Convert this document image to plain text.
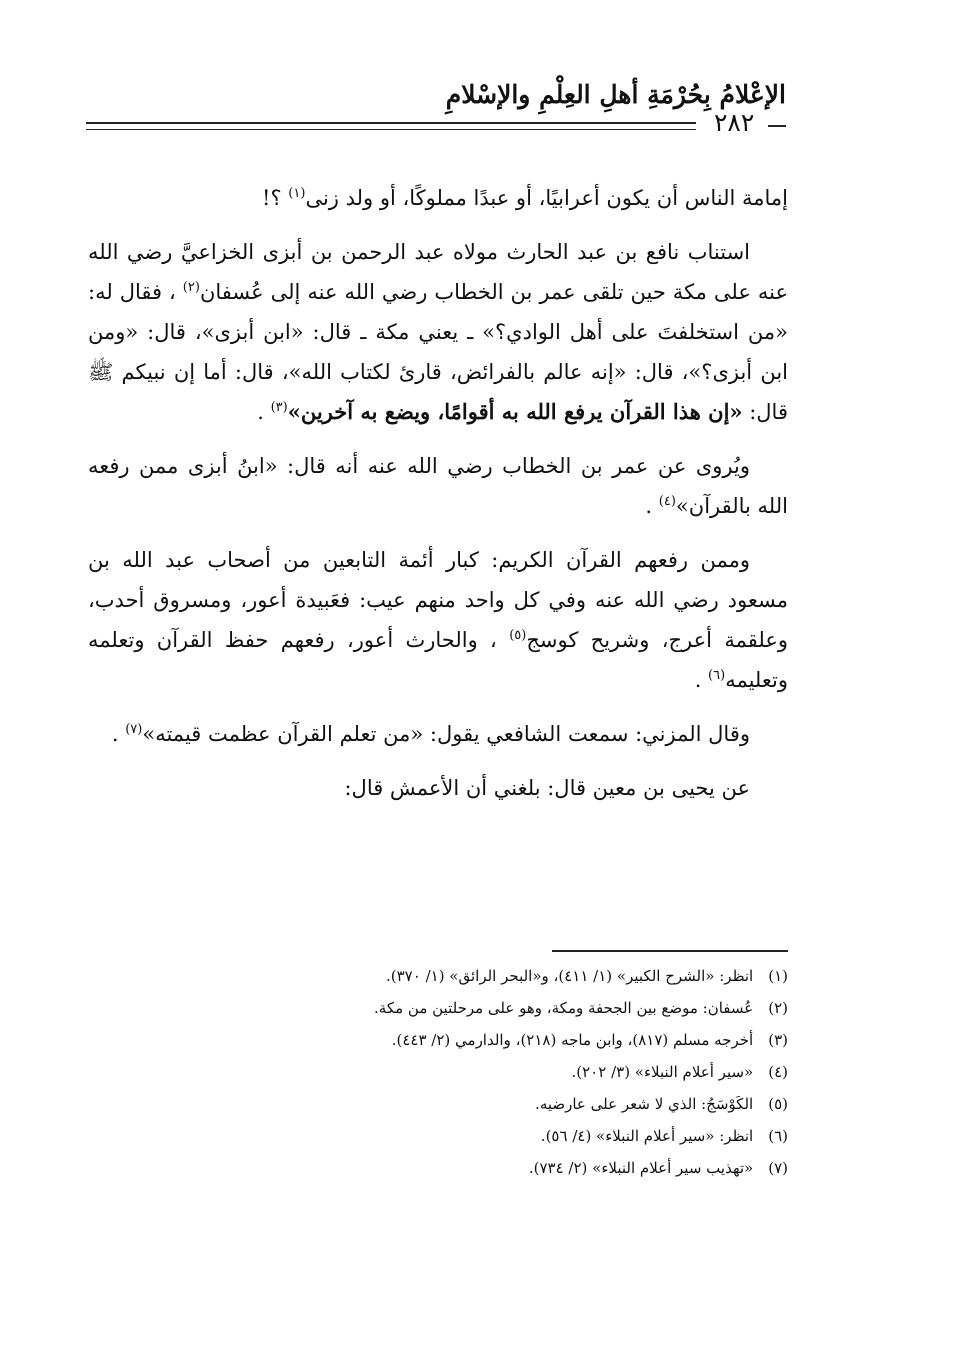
الإعْلامُ بِحُرْمَةِ أهلِ العِلْمِ والإسْلامِ
٢٨٢

إمامة الناس أن يكون أعرابيًا، أو عبدًا مملوكًا، أو ولد زنى$^{(١)}$ ؟!

استناب نافع بن عبد الحارث مولاه عبد الرحمن بن أبزى الخزاعيَّ رضي الله عنه على مكة حين تلقى عمر بن الخطاب رضي الله عنه إلى عُسفان$^{(٢)}$ ، فقال له: «من استخلفتَ على أهل الوادي؟» ـ يعني مكة ـ قال: «ابن أبزى»، قال: «ومن ابن أبزى؟»، قال: «إنه عالم بالفرائض، قارئ لكتاب الله»، قال: أما إن نبيكم ﷺ قال: «إن هذا القرآن يرفع الله به أقوامًا، ويضع به آخرين»$^{(٣)}$ .

ويُروى عن عمر بن الخطاب رضي الله عنه أنه قال: «ابنُ أبزى ممن رفعه الله بالقرآن»$^{(٤)}$ .

وممن رفعهم القرآن الكريم: كبار أئمة التابعين من أصحاب عبد الله بن مسعود رضي الله عنه وفي كل واحد منهم عيب: فعَبيدة أعور، ومسروق أحدب، وعلقمة أعرج، وشريح كوسج$^{(٥)}$ ، والحارث أعور، رفعهم حفظ القرآن وتعلمه وتعليمه$^{(٦)}$ .

وقال المزني: سمعت الشافعي يقول: «من تعلم القرآن عظمت قيمته»$^{(٧)}$ .

عن يحيى بن معين قال: بلغني أن الأعمش قال:

(١) انظر: «الشرح الكبير» (١/ ٤١١)، و«البحر الرائق» (١/ ٣٧٠).

(٢) عُسفان: موضع بين الجحفة ومكة، وهو على مرحلتين من مكة.

(٣) أخرجه مسلم (٨١٧)، وابن ماجه (٢١٨)، والدارمي (٢/ ٤٤٣).

(٤) «سير أعلام النبلاء» (٣/ ٢٠٢).

(٥) الكَوْسَجُ: الذي لا شعر على عارضيه.

(٦) انظر: «سير أعلام النبلاء» (٤/ ٥٦).

(٧) «تهذيب سير أعلام النبلاء» (٢/ ٧٣٤).
